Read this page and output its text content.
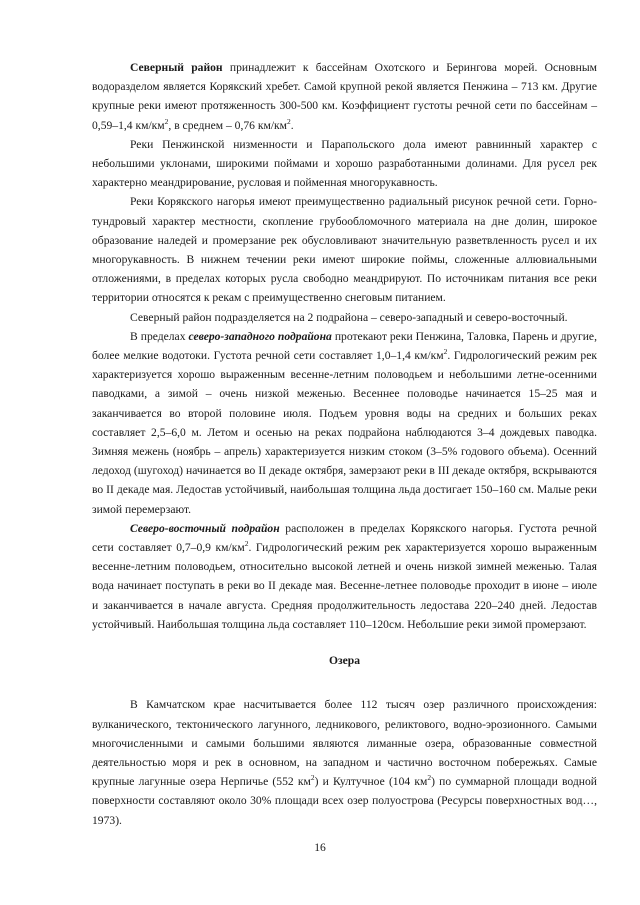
Северный район принадлежит к бассейнам Охотского и Берингова морей. Основным водоразделом является Корякский хребет. Самой крупной рекой является Пенжина – 713 км. Другие крупные реки имеют протяженность 300-500 км. Коэффициент густоты речной сети по бассейнам – 0,59–1,4 $км/км^2$, в среднем – 0,76 $км/км^2$.

Реки Пенжинской низменности и Парапольского дола имеют равнинный характер с небольшими уклонами, широкими поймами и хорошо разработанными долинами. Для русел рек характерно меандрирование, русловая и пойменная многорукавность.

Реки Корякского нагорья имеют преимущественно радиальный рисунок речной сети. Горно-тундровый характер местности, скопление грубообломочного материала на дне долин, широкое образование наледей и промерзание рек обусловливают значительную разветвленность русел и их многорукавность. В нижнем течении реки имеют широкие поймы, сложенные аллювиальными отложениями, в пределах которых русла свободно меандрируют. По источникам питания все реки территории относятся к рекам с преимущественно снеговым питанием.

Северный район подразделяется на 2 подрайона – северо-западный и северо-восточный.

В пределах северо-западного подрайона протекают реки Пенжина, Таловка, Парень и другие, более мелкие водотоки. Густота речной сети составляет 1,0–1,4 $км/км^2$. Гидрологический режим рек характеризуется хорошо выраженным весенне-летним половодьем и небольшими летне-осенними паводками, а зимой – очень низкой меженью. Весеннее половодье начинается 15–25 мая и заканчивается во второй половине июля. Подъем уровня воды на средних и больших реках составляет 2,5–6,0 м. Летом и осенью на реках подрайона наблюдаются 3–4 дождевых паводка. Зимняя межень (ноябрь – апрель) характеризуется низким стоком (3–5% годового объема). Осенний ледоход (шугоход) начинается во II декаде октября, замерзают реки в III декаде октября, вскрываются во II декаде мая. Ледостав устойчивый, наибольшая толщина льда достигает 150–160 см. Малые реки зимой перемерзают.

Северо-восточный подрайон расположен в пределах Корякского нагорья. Густота речной сети составляет 0,7–0,9 $км/км^2$. Гидрологический режим рек характеризуется хорошо выраженным весенне-летним половодьем, относительно высокой летней и очень низкой зимней меженью. Талая вода начинает поступать в реки во II декаде мая. Весенне-летнее половодье проходит в июне – июле и заканчивается в начале августа. Средняя продолжительность ледостава 220–240 дней. Ледостав устойчивый. Наибольшая толщина льда составляет 110–120см. Небольшие реки зимой промерзают.

Озера

В Камчатском крае насчитывается более 112 тысяч озер различного происхождения: вулканического, тектонического лагунного, ледникового, реликтового, водно-эрозионного. Самыми многочисленными и самыми большими являются лиманные озера, образованные совместной деятельностью моря и рек в основном, на западном и частично восточном побережьях. Самые крупные лагунные озера Нерпичье (552 $км^2$) и Култучное (104 $км^2$) по суммарной площади водной поверхности составляют около 30% площади всех озер полуострова (Ресурсы поверхностных вод…, 1973).

16
